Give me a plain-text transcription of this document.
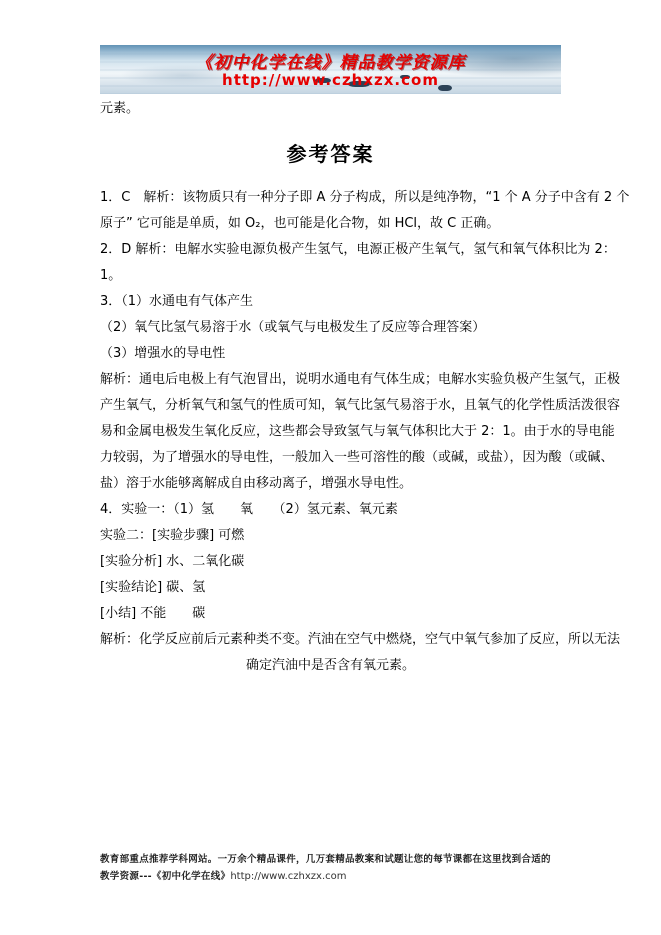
《初中化学在线》精品教学资源库
http://www.czhxzx.com
元素。
参考答案
1．C　解析：该物质只有一种分子即 A 分子构成，所以是纯净物，“1 个 A 分子中含有 2 个
原子” 它可能是单质，如 O₂，也可能是化合物，如 HCl，故 C 正确。
2．D 解析：电解水实验电源负极产生氢气，电源正极产生氧气，氢气和氧气体积比为 2：
1。
3．（1）水通电有气体产生
（2）氧气比氢气易溶于水（或氧气与电极发生了反应等合理答案）
（3）增强水的导电性
解析：通电后电极上有气泡冒出，说明水通电有气体生成；电解水实验负极产生氢气，正极
产生氧气，分析氧气和氢气的性质可知，氧气比氢气易溶于水，且氧气的化学性质活泼很容
易和金属电极发生氧化反应，这些都会导致氢气与氧气体积比大于 2：1。由于水的导电能
力较弱，为了增强水的导电性，一般加入一些可溶性的酸（或碱，或盐），因为酸（或碱、
盐）溶于水能够离解成自由移动离子，增强水导电性。
4．实验一：（1）氢　　氧　　（2）氢元素、氧元素
实验二：[实验步骤] 可燃
[实验分析] 水、二氧化碳
[实验结论] 碳、氢
[小结] 不能　　碳
解析：化学反应前后元素种类不变。汽油在空气中燃烧，空气中氧气参加了反应，所以无法
确定汽油中是否含有氧元素。
教育部重点推荐学科网站。一万余个精品课件，几万套精品教案和试题让您的每节课都在这里找到合适的
教学资源---《初中化学在线》http://www.czhxzx.com
